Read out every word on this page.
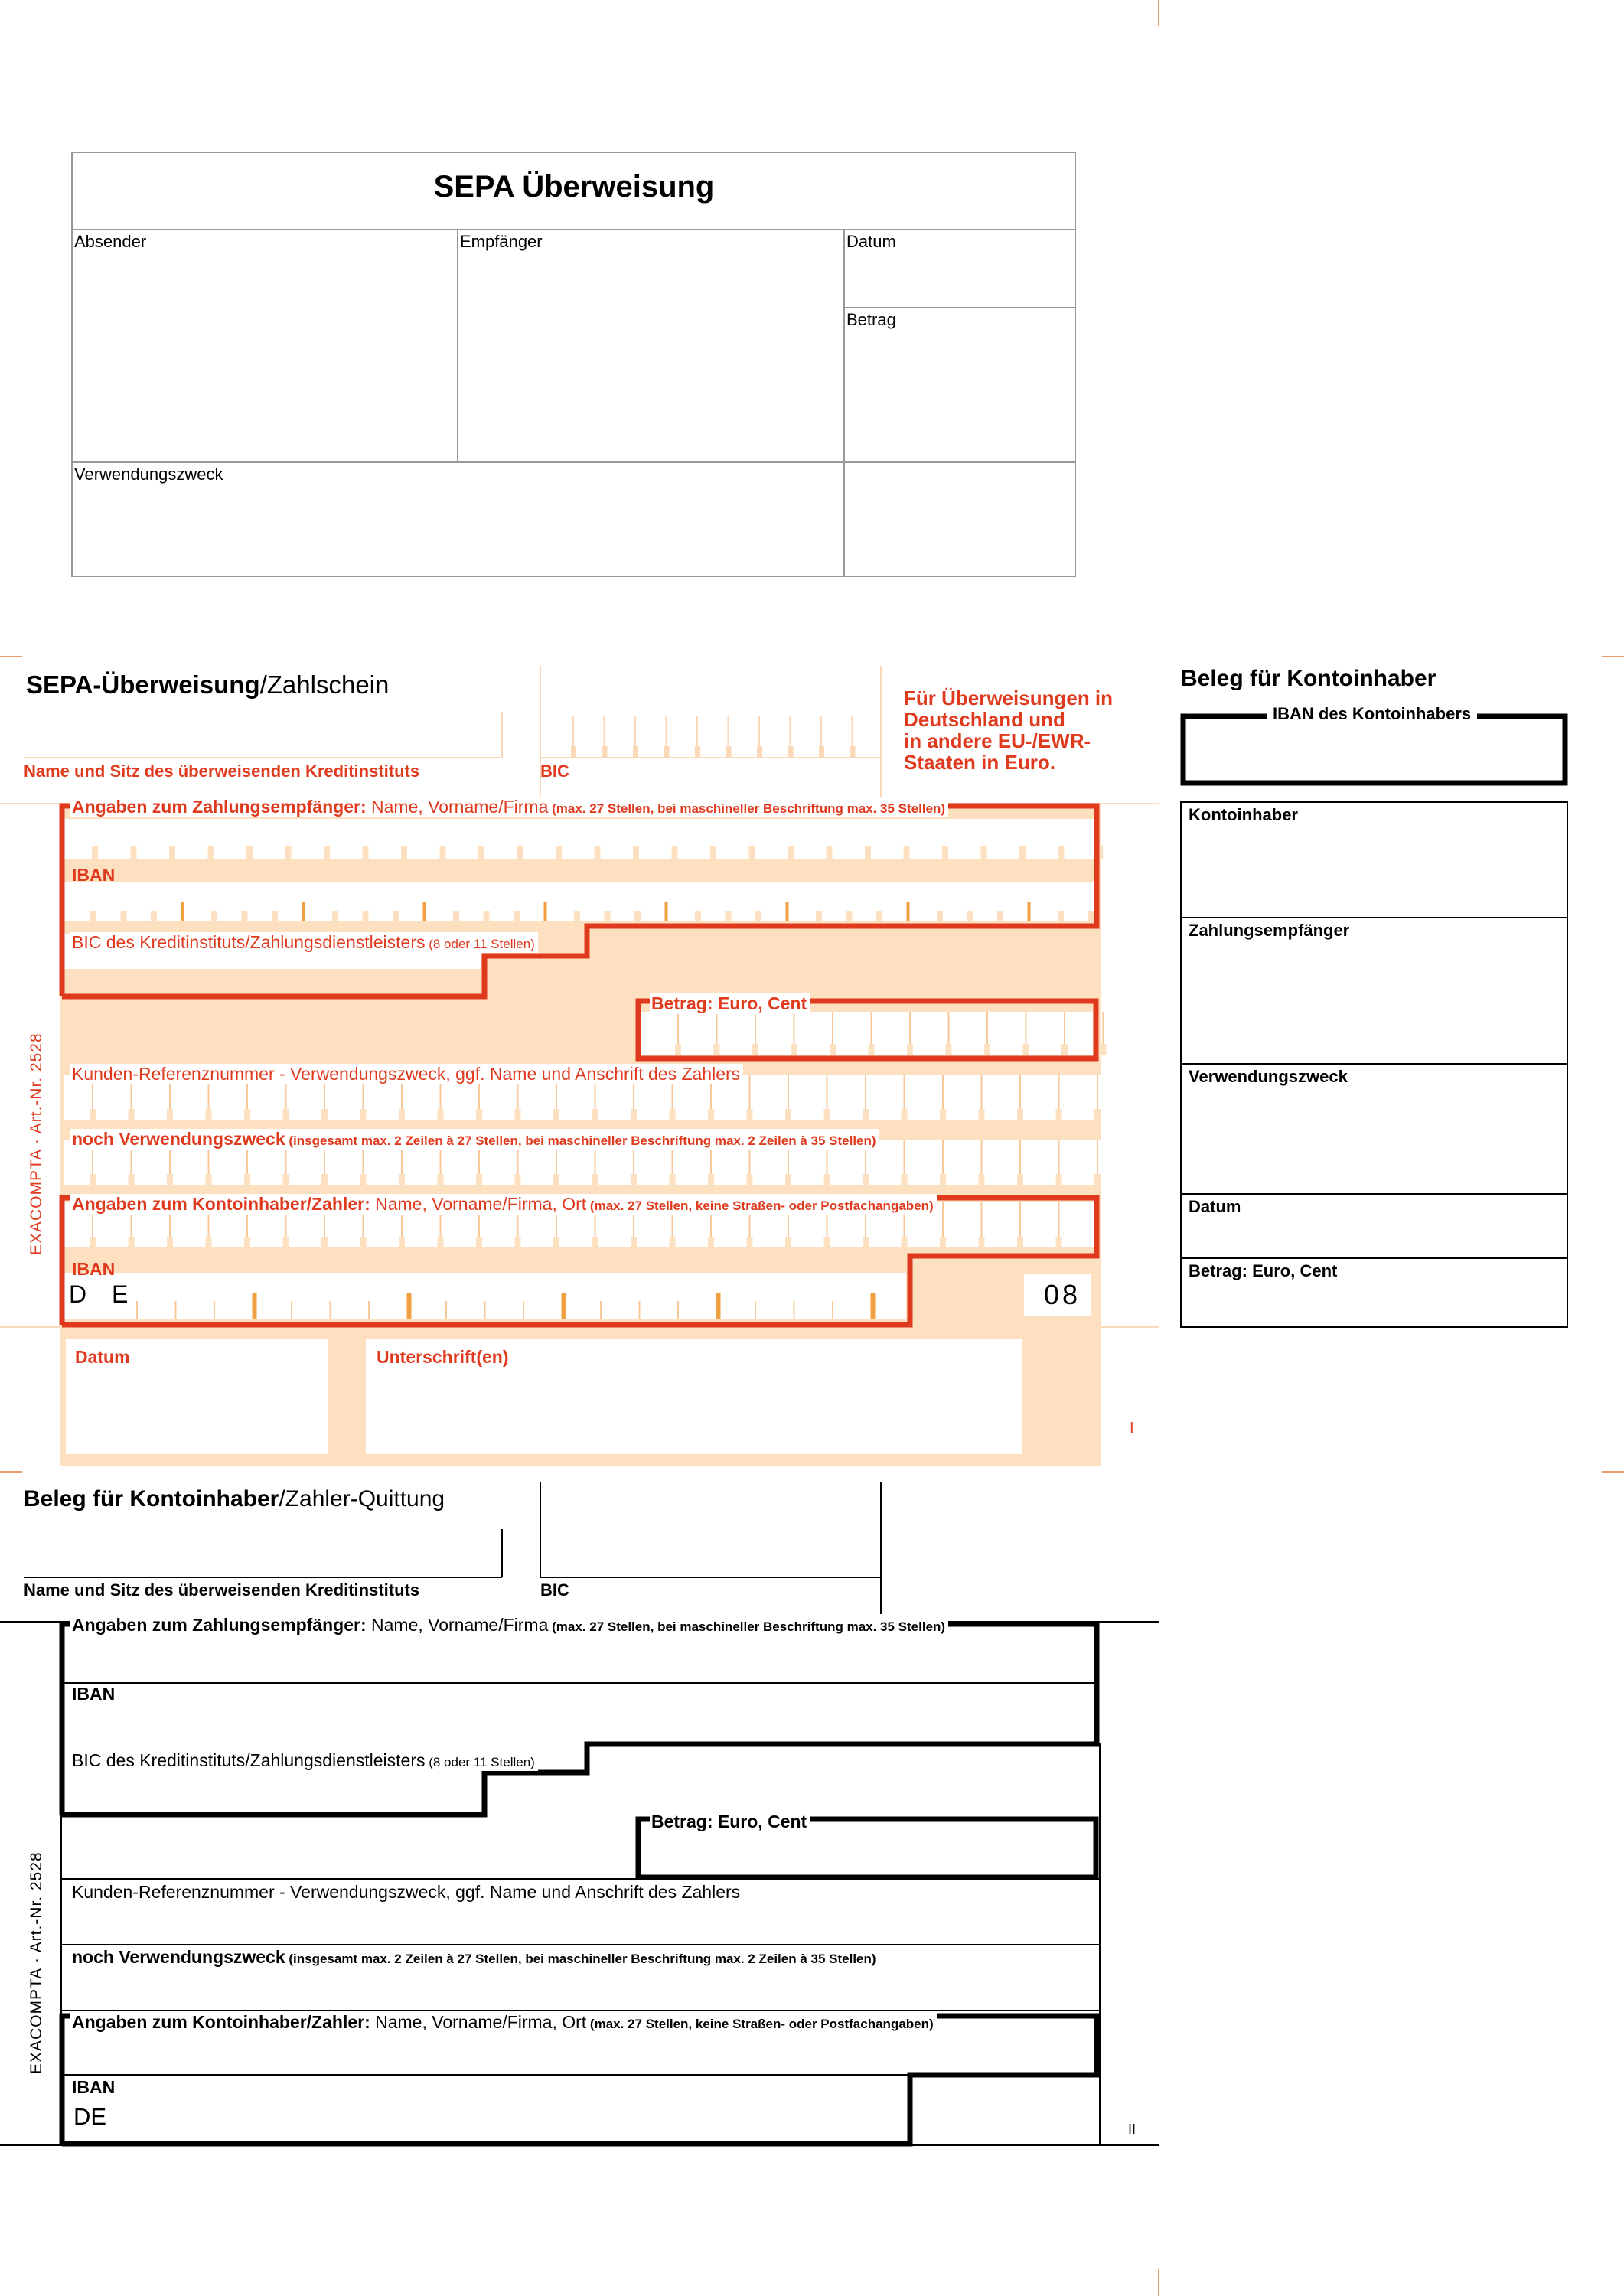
SEPA Überweisung
Absender	Empfänger	Datum
Betrag
Verwendungszweck
SEPA-Überweisung/Zahlschein
Name und Sitz des überweisenden Kreditinstituts	BIC
Für Überweisungen in
Deutschland und
in andere EU-/EWR-
Staaten in Euro.
Angaben zum Zahlungsempfänger: Name, Vorname/Firma (max. 27 Stellen, bei maschineller Beschriftung max. 35 Stellen)
IBAN
BIC des Kreditinstituts/Zahlungsdienstleisters (8 oder 11 Stellen)
Betrag: Euro, Cent
Kunden-Referenznummer - Verwendungszweck, ggf. Name und Anschrift des Zahlers
noch Verwendungszweck (insgesamt max. 2 Zeilen à 27 Stellen, bei maschineller Beschriftung max. 2 Zeilen à 35 Stellen)
Angaben zum Kontoinhaber/Zahler: Name, Vorname/Firma, Ort (max. 27 Stellen, keine Straßen- oder Postfachangaben)
IBAN
D E	08
Datum	Unterschrift(en)
I
EXACOMPTA · Art.-Nr. 2528
Beleg für Kontoinhaber/Zahler-Quittung
Name und Sitz des überweisenden Kreditinstituts	BIC
Angaben zum Zahlungsempfänger: Name, Vorname/Firma (max. 27 Stellen, bei maschineller Beschriftung max. 35 Stellen)
IBAN
BIC des Kreditinstituts/Zahlungsdienstleisters (8 oder 11 Stellen)
Betrag: Euro, Cent
Kunden-Referenznummer - Verwendungszweck, ggf. Name und Anschrift des Zahlers
noch Verwendungszweck (insgesamt max. 2 Zeilen à 27 Stellen, bei maschineller Beschriftung max. 2 Zeilen à 35 Stellen)
Angaben zum Kontoinhaber/Zahler: Name, Vorname/Firma, Ort (max. 27 Stellen, keine Straßen- oder Postfachangaben)
IBAN
DE	II
EXACOMPTA · Art.-Nr. 2528
Beleg für Kontoinhaber
IBAN des Kontoinhabers
Kontoinhaber
Zahlungsempfänger
Verwendungszweck
Datum
Betrag: Euro, Cent
